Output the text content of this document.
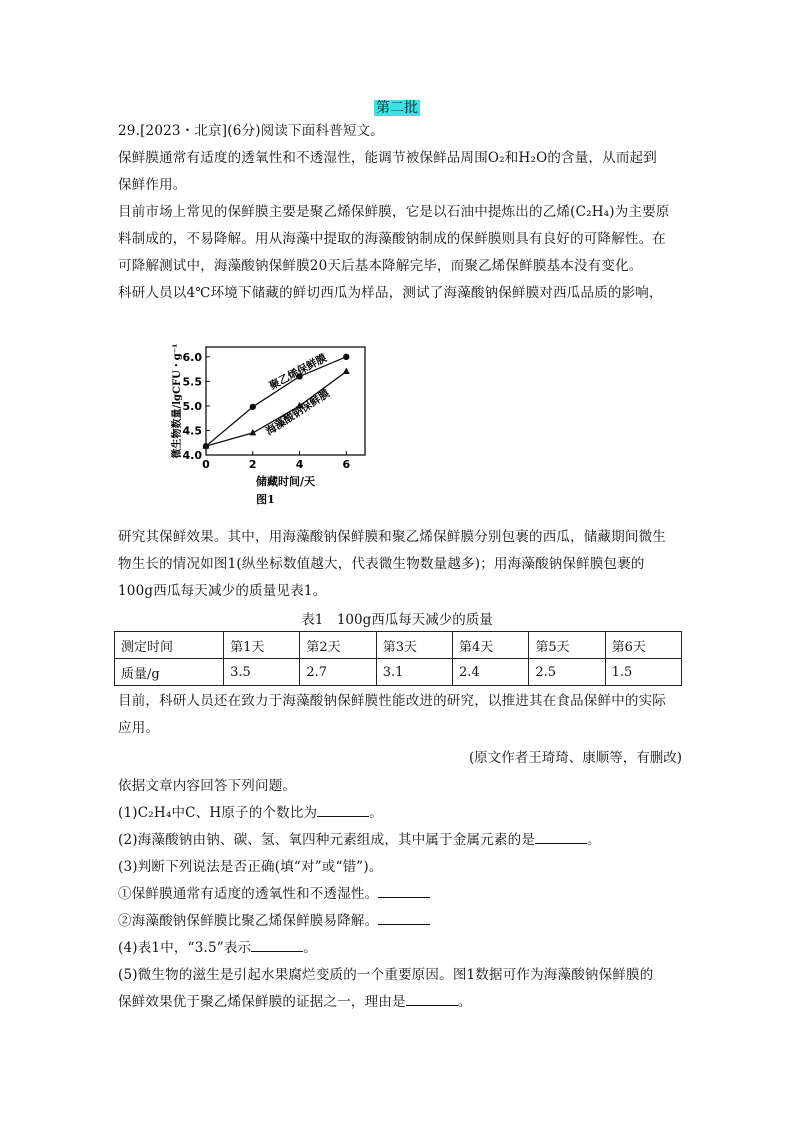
第二批
29.[2023・北京](6分)阅读下面科普短文。
保鲜膜通常有适度的透氧性和不透湿性，能调节被保鲜品周围O₂和H₂O的含量，从而起到
保鲜作用。
目前市场上常见的保鲜膜主要是聚乙烯保鲜膜，它是以石油中提炼出的乙烯(C₂H₄)为主要原
料制成的，不易降解。用从海藻中提取的海藻酸钠制成的保鲜膜则具有良好的可降解性。在
可降解测试中，海藻酸钠保鲜膜20天后基本降解完毕，而聚乙烯保鲜膜基本没有变化。
科研人员以4℃环境下储藏的鲜切西瓜为样品，测试了海藻酸钠保鲜膜对西瓜品质的影响，
4.0
4.5
5.0
5.5
6.0
0	2	4	6
储藏时间/天
微生物数量/lgCFU・g⁻¹
图1
聚乙烯保鲜膜
海藻酸钠保鲜膜
研究其保鲜效果。其中，用海藻酸钠保鲜膜和聚乙烯保鲜膜分别包裹的西瓜，储藏期间微生
物生长的情况如图1(纵坐标数值越大，代表微生物数量越多)；用海藻酸钠保鲜膜包裹的
100g西瓜每天减少的质量见表1。
表1　100g西瓜每天减少的质量
测定时间	第1天	第2天	第3天	第4天	第5天	第6天
质量/g	3.5	2.7	3.1	2.4	2.5	1.5
目前，科研人员还在致力于海藻酸钠保鲜膜性能改进的研究，以推进其在食品保鲜中的实际
应用。
(原文作者王琦琦、康顺等，有删改)
依据文章内容回答下列问题。
(1)C₂H₄中C、H原子的个数比为	。
(2)海藻酸钠由钠、碳、氢、氧四种元素组成，其中属于金属元素的是	。
(3)判断下列说法是否正确(填“对”或“错”)。
①保鲜膜通常有适度的透氧性和不透湿性。
②海藻酸钠保鲜膜比聚乙烯保鲜膜易降解。
(4)表1中，“3.5”表示	。
(5)微生物的滋生是引起水果腐烂变质的一个重要原因。图1数据可作为海藻酸钠保鲜膜的
保鲜效果优于聚乙烯保鲜膜的证据之一，理由是	。
